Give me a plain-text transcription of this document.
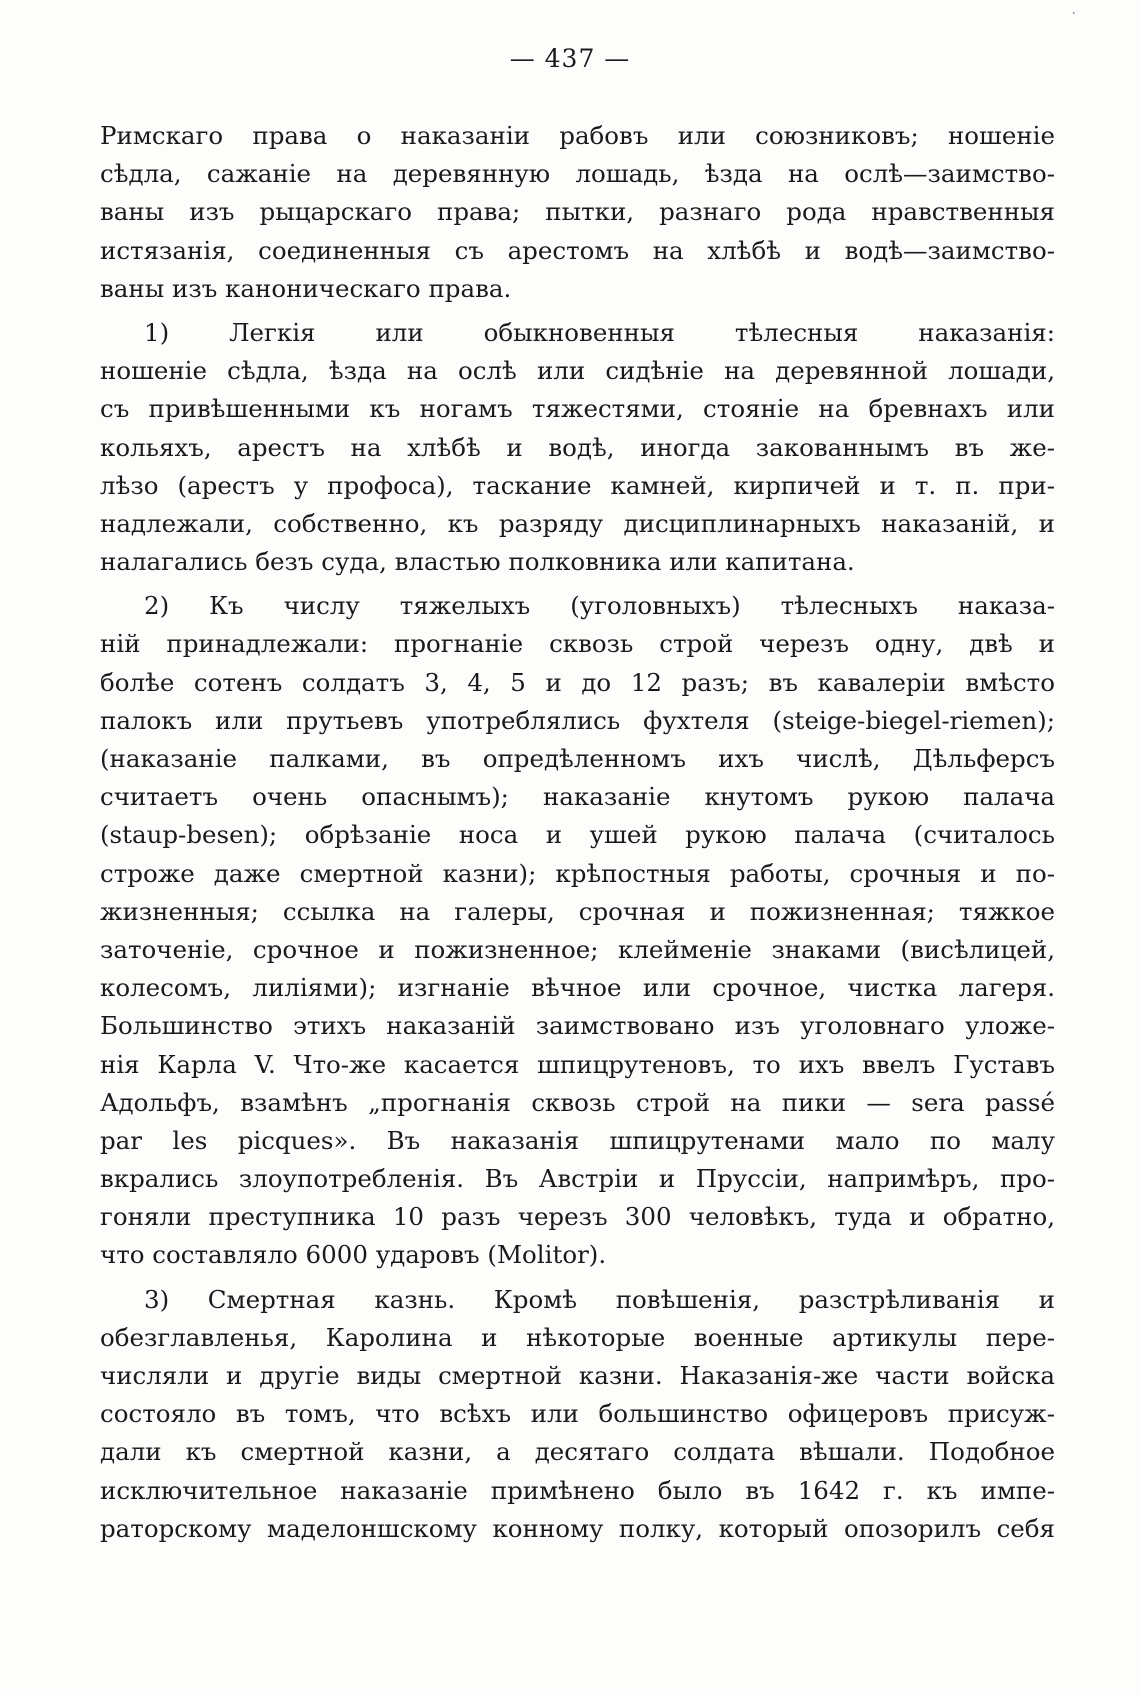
·
— 437 —
Римскаго права о наказанiи рабовъ или союзниковъ; ношенiе
сѣдла, сажанiе на деревянную лошадь, ѣзда на ослѣ—заимство-
ваны изъ рыцарскаго права; пытки, разнаго рода нравственныя
истязанiя, соединенныя съ арестомъ на хлѣбѣ и водѣ—заимство-
ваны изъ каноническаго права.
1) Легкiя или обыкновенныя тѣлесныя наказанiя:
ношенiе сѣдла, ѣзда на ослѣ или сидѣнiе на деревянной лошади,
съ привѣшенными къ ногамъ тяжестями, стоянiе на бревнахъ или
кольяхъ, арестъ на хлѣбѣ и водѣ, иногда закованнымъ въ же-
лѣзо (арестъ у профоса), таскание камней, кирпичей и т. п. при-
надлежали, собственно, къ разряду дисциплинарныхъ наказанiй, и
налагались безъ суда, властью полковника или капитана.
2) Къ числу тяжелыхъ (уголовныхъ) тѣлесныхъ наказа-
нiй принадлежали: прогнанiе сквозь строй черезъ одну, двѣ и
болѣе сотенъ солдатъ 3, 4, 5 и до 12 разъ; въ кавалерiи вмѣсто
палокъ или прутьевъ употреблялись фухтеля (steige-biegel-riemen);
(наказанiе палками, въ опредѣленномъ ихъ числѣ, Дѣльферсъ
считаетъ очень опаснымъ); наказанiе кнутомъ рукою палача
(staup-besen); обрѣзанiе носа и ушей рукою палача (считалось
строже даже смертной казни); крѣпостныя работы, срочныя и по-
жизненныя; ссылка на галеры, срочная и пожизненная; тяжкое
заточенiе, срочное и пожизненное; клейменiе знаками (висѣлицей,
колесомъ, лилiями); изгнанiе вѣчное или срочное, чистка лагеря.
Большинство этихъ наказанiй заимствовано изъ уголовнаго уложе-
нiя Карла V. Что-же касается шпицрутеновъ, то ихъ ввелъ Густавъ
Адольфъ, взамѣнъ „прогнанiя сквозь строй на пики — sera passé
par les picques». Въ наказанiя шпицрутенами мало по малу
вкрались злоупотребленiя. Въ Австрiи и Пруссiи, напримѣръ, про-
гоняли преступника 10 разъ черезъ 300 человѣкъ, туда и обратно,
что составляло 6000 ударовъ (Molitor).
3) Смертная казнь. Кромѣ повѣшенiя, разстрѣливанiя и
обезглавленья, Каролина и нѣкоторые военные артикулы пере-
числяли и другiе виды смертной казни. Наказанiя-же части войска
состояло въ томъ, что всѣхъ или большинство офицеровъ присуж-
дали къ смертной казни, а десятаго солдата вѣшали. Подобное
исключительное наказанiе примѣнено было въ 1642 г. къ импе-
раторскому маделоншскому конному полку, который опозорилъ себя
